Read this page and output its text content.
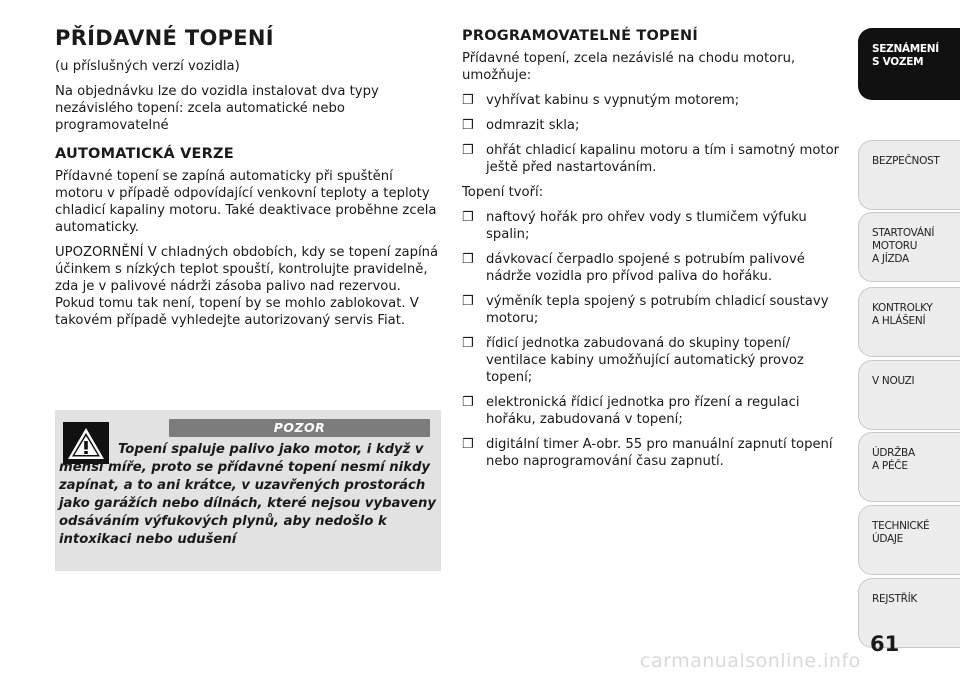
PŘÍDAVNÉ TOPENÍ

(u příslušných verzí vozidla)

Na objednávku lze do vozidla instalovat dva typy nezávislého topení: zcela automatické nebo programovatelné

AUTOMATICKÁ VERZE

Přídavné topení se zapíná automaticky při spuštění motoru v případě odpovídající venkovní teploty a teploty chladicí kapaliny motoru. Také deaktivace proběhne zcela automaticky.

UPOZORNĚNÍ V chladných obdobích, kdy se topení zapíná účinkem s nízkých teplot spouští, kontrolujte pravidelně, zda je v palivové nádrži zásoba palivo nad rezervou. Pokud tomu tak není, topení by se mohlo zablokovat. V takovém případě vyhledejte autorizovaný servis Fiat.

POZOR
Topení spaluje palivo jako motor, i když v menší míře, proto se přídavné topení nesmí nikdy zapínat, a to ani krátce, v uzavřených prostorách jako garážích nebo dílnách, které nejsou vybaveny odsáváním výfukových plynů, aby nedošlo k intoxikaci nebo udušení
PROGRAMOVATELNÉ TOPENÍ

Přídavné topení, zcela nezávislé na chodu motoru, umožňuje:

❒ vyhřívat kabinu s vypnutým motorem;
❒ odmrazit skla;
❒ ohřát chladicí kapalinu motoru a tím i samotný motor ještě před nastartováním.

Topení tvoří:

❒ naftový hořák pro ohřev vody s tlumičem výfuku spalin;
❒ dávkovací čerpadlo spojené s potrubím palivové nádrže vozidla pro přívod paliva do hořáku.
❒ výměník tepla spojený s potrubím chladicí soustavy motoru;
❒ řídicí jednotka zabudovaná do skupiny topení/ ventilace kabiny umožňující automatický provoz topení;
❒ elektronická řídicí jednotka pro řízení a regulaci hořáku, zabudovaná v topení;
❒ digitální timer A-obr. 55 pro manuální zapnutí topení nebo naprogramování času zapnutí.
SEZNÁMENÍ
S VOZEM
BEZPEČNOST
STARTOVÁNÍ
MOTORU
A JÍZDA
KONTROLKY
A HLÁŠENÍ
V NOUZI
ÚDRŽBA
A PÉČE
TECHNICKÉ
ÚDAJE
REJSTŘÍK
61
carmanualsonline.info
